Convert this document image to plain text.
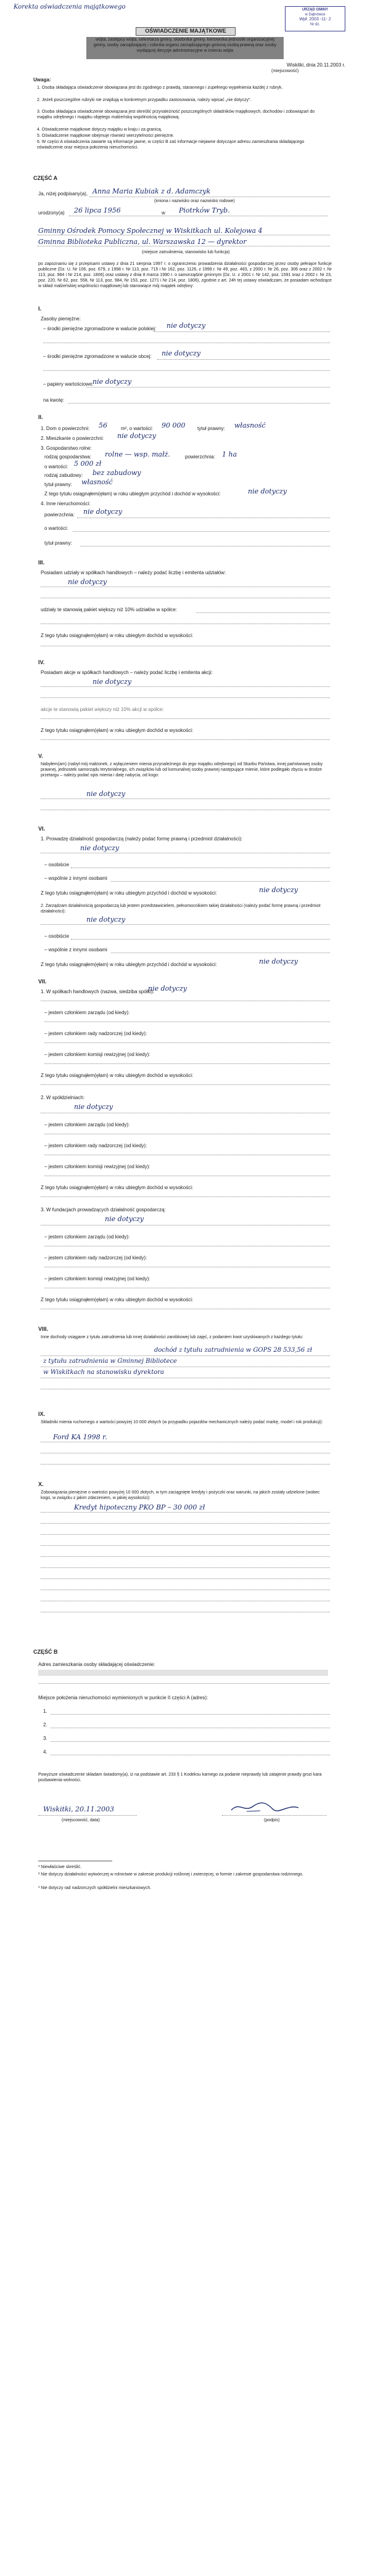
Korekta oświadczenia majątkowego	URZĄD GMINY
w Dąbrówce
Wpł. 2003 -11- 2
Nr dz.
OŚWIADCZENIE MAJĄTKOWE
Wiskitki, dnia 20.11.2003 r.
(miejscowość)
Uwaga:
1. Osoba składająca oświadczenie obowiązana jest do zgodnego z prawdą, starannego i zupełnego wypełnienia każdej z rubryk.
2. Jeżeli poszczególne rubryki nie znajdują w konkretnym przypadku zastosowania, należy wpisać „nie dotyczy”.
3. Osoba składająca oświadczenie obowiązana jest określić przynależność poszczególnych składników majątkowych, dochodów i zobowiązań do majątku odrębnego i majątku objętego małżeńską wspólnością majątkową.
4. Oświadczenie majątkowe dotyczy majątku w kraju i za granicą.
5. Oświadczenie majątkowe obejmuje również wierzytelności pieniężne.
6. W części A oświadczenia zawarte są informacje jawne, w części B zaś informacje niejawne dotyczące adresu zamieszkania składającego oświadczenie oraz miejsca położenia nieruchomości.
CZĘŚĆ A
Ja, niżej podpisany(a), Anna Maria Kubiak z d. Adamczyk
(imiona i nazwisko oraz nazwisko rodowe)
urodzony(a) 26 lipca 1956	w Piotrków Tryb.
Gminny Ośrodek Pomocy Społecznej w Wiskitkach ul. Kolejowa 4
Gminna Biblioteka Publiczna, ul. Warszawska 12 — dyrektor
(miejsce zatrudnienia, stanowisko lub funkcja)
po zapoznaniu się z przepisami ustawy z dnia 21 sierpnia 1997 r. o ograniczeniu prowadzenia działalności gospodarczej przez osoby pełniące funkcje publiczne (Dz. U. Nr 106, poz. 679, z 1998 r. Nr 113, poz. 715 i Nr 162, poz. 1126, z 1999 r. Nr 49, poz. 483, z 2000 r. Nr 26, poz. 306 oraz z 2002 r. Nr 113, poz. 984 i Nr 214, poz. 1806) oraz ustawy z dnia 8 marca 1990 r. o samorządzie gminnym (Dz. U. z 2001 r. Nr 142, poz. 1591 oraz z 2002 r. Nr 23, poz. 220, Nr 62, poz. 558, Nr 113, poz. 984, Nr 153, poz. 1271 i Nr 214, poz. 1806), zgodnie z art. 24h tej ustawy oświadczam, że posiadam wchodzące w skład małżeńskiej wspólności majątkowej lub stanowiące mój majątek odrębny:
I.
Zasoby pieniężne:
– środki pieniężne zgromadzone w walucie polskiej: nie dotyczy
– środki pieniężne zgromadzone w walucie obcej: nie dotyczy
– papiery wartościowe:
nie dotyczy
na kwotę:
II.
1. Dom o powierzchni: 56	m², o wartości: 90 000 tytuł prawny: własność
2. Mieszkanie o powierzchni: nie dotyczy
3. Gospodarstwo rolne:
rodzaj gospodarstwa: rolne — wsp. małż.	powierzchnia: 1 ha
o wartości: 5 000 zł
rodzaj zabudowy: bez zabudowy
tytuł prawny: własność
Z tego tytułu osiągnąłem(ęłam) w roku ubiegłym przychód i dochód w wysokości:	nie dotyczy
4. Inne nieruchomości:
powierzchnia: nie dotyczy
o wartości:
tytuł prawny:
III.
Posiadam udziały w spółkach handlowych – należy podać liczbę i emitenta udziałów:
nie dotyczy
udziały te stanowią pakiet większy niż 10% udziałów w spółce:
Z tego tytułu osiągnąłem(ęłam) w roku ubiegłym dochód w wysokości:
IV.
Posiadam akcje w spółkach handlowych – należy podać liczbę i emitenta akcji:
nie dotyczy
akcje te stanowią pakiet większy niż 10% akcji w spółce:
Z tego tytułu osiągnąłem(ęłam) w roku ubiegłym dochód w wysokości:
V.
Nabyłem(am) (nabył mój małżonek, z wyłączeniem mienia przynależnego do jego majątku odrębnego) od Skarbu Państwa, innej państwowej osoby prawnej, jednostek samorządu terytorialnego, ich związków lub od komunalnej osoby prawnej następujące mienie, które podlegało zbyciu w drodze przetargu – należy podać opis mienia i datę nabycia, od kogo:
nie dotyczy
VI.
1. Prowadzę działalność gospodarczą (należy podać formę prawną i przedmiot działalności):
nie dotyczy
– osobiście
– wspólnie z innymi osobami
Z tego tytułu osiągnąłem(ęłam) w roku ubiegłym przychód i dochód w wysokości:	nie dotyczy
2. Zarządzam działalnością gospodarczą lub jestem przedstawicielem, pełnomocnikiem takiej działalności (należy podać formę prawną i przedmiot działalności):
nie dotyczy
– osobiście
– wspólnie z innymi osobami
Z tego tytułu osiągnąłem(ęłam) w roku ubiegłym przychód i dochód w wysokości:	nie dotyczy
VII.
1. W spółkach handlowych (nazwa, siedziba spółki):
nie dotyczy
– jestem członkiem zarządu (od kiedy):
– jestem członkiem rady nadzorczej (od kiedy):
– jestem członkiem komisji rewizyjnej (od kiedy):
Z tego tytułu osiągnąłem(ęłam) w roku ubiegłym dochód w wysokości:
2. W spółdzielniach:
nie dotyczy
– jestem członkiem zarządu (od kiedy):
– jestem członkiem rady nadzorczej (od kiedy):
– jestem członkiem komisji rewizyjnej (od kiedy):
Z tego tytułu osiągnąłem(ęłam) w roku ubiegłym dochód w wysokości:
3. W fundacjach prowadzących działalność gospodarczą:
nie dotyczy
– jestem członkiem zarządu (od kiedy):
– jestem członkiem rady nadzorczej (od kiedy):
– jestem członkiem komisji rewizyjnej (od kiedy):
Z tego tytułu osiągnąłem(ęłam) w roku ubiegłym dochód w wysokości:
VIII.
Inne dochody osiągane z tytułu zatrudnienia lub innej działalności zarobkowej lub zajęć, z podaniem kwot uzyskiwanych z każdego tytułu:
dochód z tytułu zatrudnienia w GOPS 28 533,56 zł
z tytułu zatrudnienia w Gminnej Bibliotece
w Wiskitkach na stanowisku dyrektora
IX.
Składniki mienia ruchomego o wartości powyżej 10 000 złotych (w przypadku pojazdów mechanicznych należy podać markę, model i rok produkcji):
Ford KA 1998 r.
X.
Zobowiązania pieniężne o wartości powyżej 10 000 złotych, w tym zaciągnięte kredyty i pożyczki oraz warunki, na jakich zostały udzielone (wobec kogo, w związku z jakim zdarzeniem, w jakiej wysokości):
Kredyt hipoteczny PKO BP – 30 000 zł
CZĘŚĆ B
Adres zamieszkania osoby składającej oświadczenie:
Miejsce położenia nieruchomości wymienionych w punkcie II części A (adres):
1.
2.
3.
4.
Powyższe oświadczenie składam świadomy(a), iż na podstawie art. 233 § 1 Kodeksu karnego za podanie nieprawdy lub zatajenie prawdy grozi kara pozbawienia wolności.
Wiskitki, 20.11.2003
(miejscowość, data)	(podpis)
¹ Niewłaściwe skreślić.
² Nie dotyczy działalności wytwórczej w rolnictwie w zakresie produkcji roślinnej i zwierzęcej, w formie i zakresie gospodarstwa rodzinnego.
³ Nie dotyczy rad nadzorczych spółdzielni mieszkaniowych.
